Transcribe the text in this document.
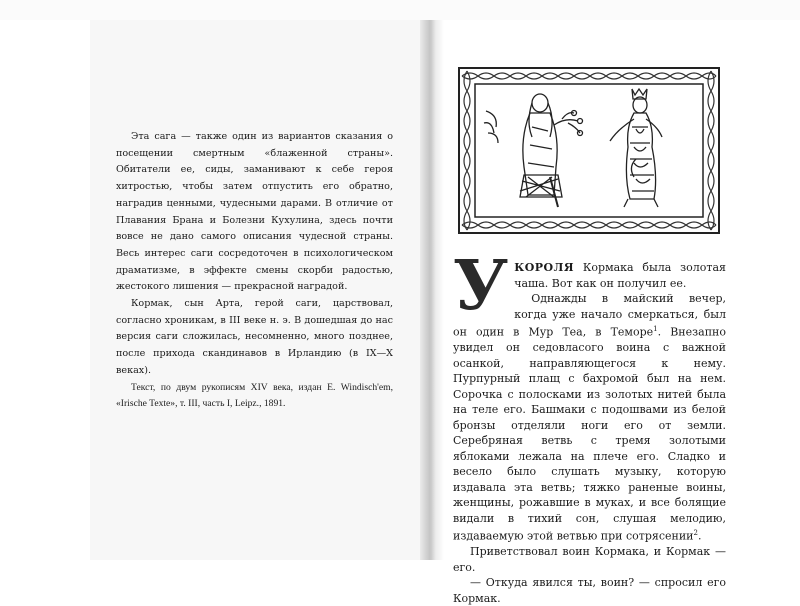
Эта сага — также один из вариантов сказания о посещении смертным «блаженной страны». Обитатели ее, сиды, заманивают к себе героя хитростью, чтобы затем отпустить его обратно, наградив ценными, чудесными дарами. В отличие от Плавания Брана и Болезни Кухулина, здесь почти вовсе не дано самого описания чудесной страны. Весь интерес саги сосредоточен в психологическом драматизме, в эффекте смены скорби радостью, жестокого лишения — прекрасной наградой.

Кормак, сын Арта, герой саги, царствовал, согласно хроникам, в III веке н. э. В дошедшая до нас версия саги сложилась, несомненно, много позднее, после прихода скандинавов в Ирландию (в IX—X веках).

Текст, по двум рукописям XIV века, издан E. Windisch'em, «Irische Texte», т. III, часть I, Leipz., 1891.

УКОРОЛЯ Кормака была золотая чаша. Вот как он получил ее.

Однажды в майский вечер, когда уже начало смеркаться, был он один в Мур Теа, в Теморе$^1$. Внезапно увидел он седовласого воина с важной осанкой, направляющегося к нему. Пурпурный плащ с бахромой был на нем. Сорочка с полосками из золотых нитей была на теле его. Башмаки с подошвами из белой бронзы отделяли ноги его от земли. Серебряная ветвь с тремя золотыми яблоками лежала на плече его. Сладко и весело было слушать музыку, которую издавала эта ветвь; тяжко раненые воины, женщины, рожавшие в муках, и все болящие видали в тихий сон, слушая мелодию, издаваемую этой ветвью при сотрясении$^2$.

Приветствовал воин Кормака, и Кормак — его.

— Откуда явился ты, воин? — спросил его Кормак.
